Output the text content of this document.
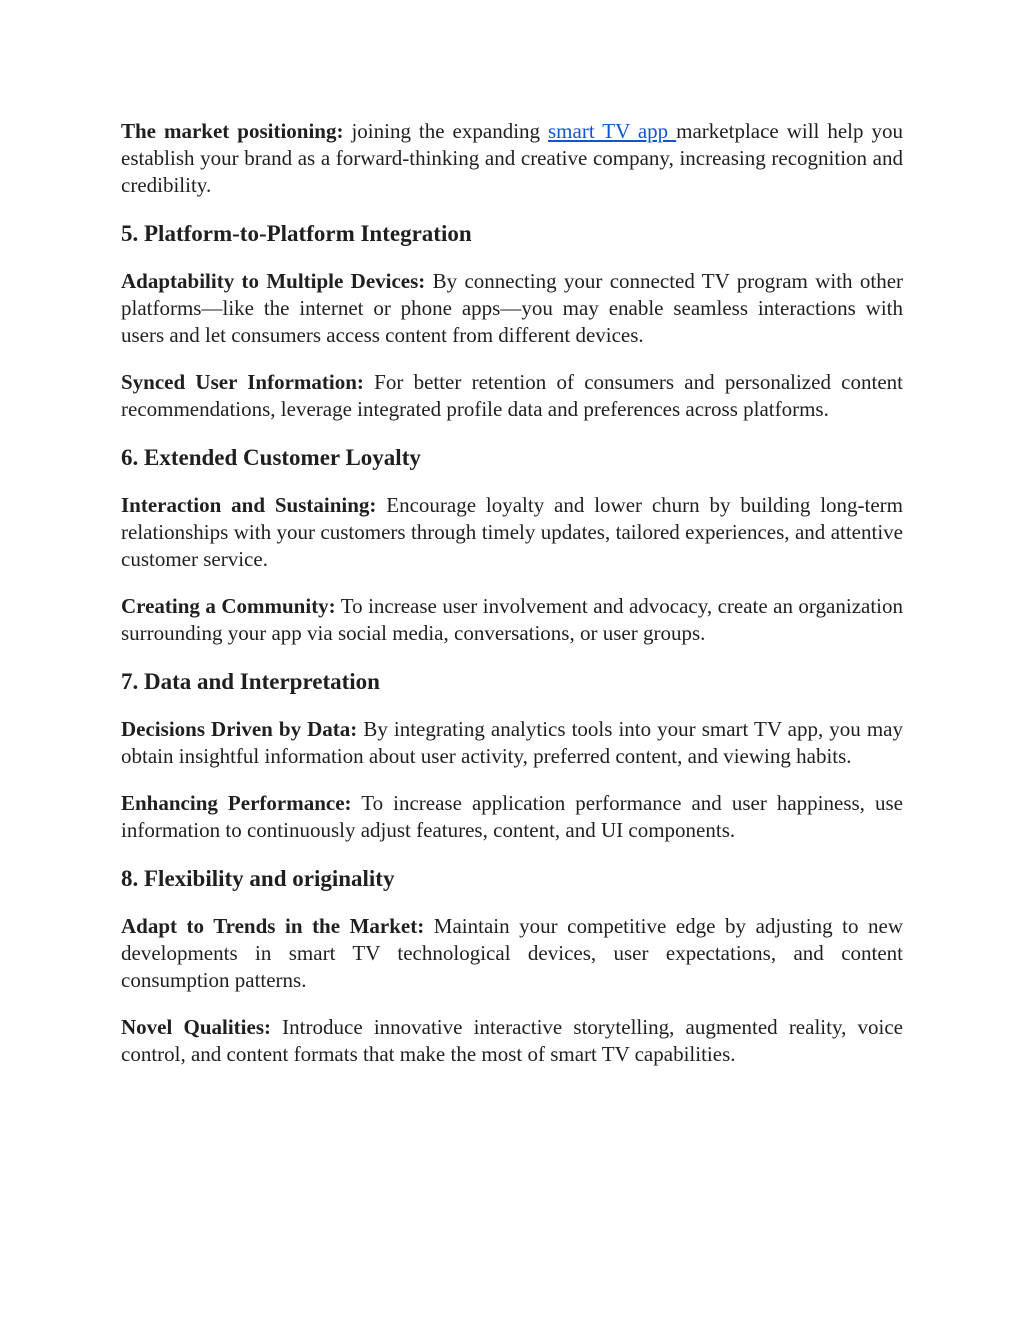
The market positioning: joining the expanding smart TV app marketplace will help you establish your brand as a forward-thinking and creative company, increasing recognition and credibility.

5. Platform-to-Platform Integration

Adaptability to Multiple Devices: By connecting your connected TV program with other platforms—like the internet or phone apps—you may enable seamless interactions with users and let consumers access content from different devices.

Synced User Information: For better retention of consumers and personalized content recommendations, leverage integrated profile data and preferences across platforms.

6. Extended Customer Loyalty

Interaction and Sustaining: Encourage loyalty and lower churn by building long-term relationships with your customers through timely updates, tailored experiences, and attentive customer service.

Creating a Community: To increase user involvement and advocacy, create an organization surrounding your app via social media, conversations, or user groups.

7. Data and Interpretation

Decisions Driven by Data: By integrating analytics tools into your smart TV app, you may obtain insightful information about user activity, preferred content, and viewing habits.

Enhancing Performance: To increase application performance and user happiness, use information to continuously adjust features, content, and UI components.

8. Flexibility and originality

Adapt to Trends in the Market: Maintain your competitive edge by adjusting to new developments in smart TV technological devices, user expectations, and content consumption patterns.

Novel Qualities: Introduce innovative interactive storytelling, augmented reality, voice control, and content formats that make the most of smart TV capabilities.
